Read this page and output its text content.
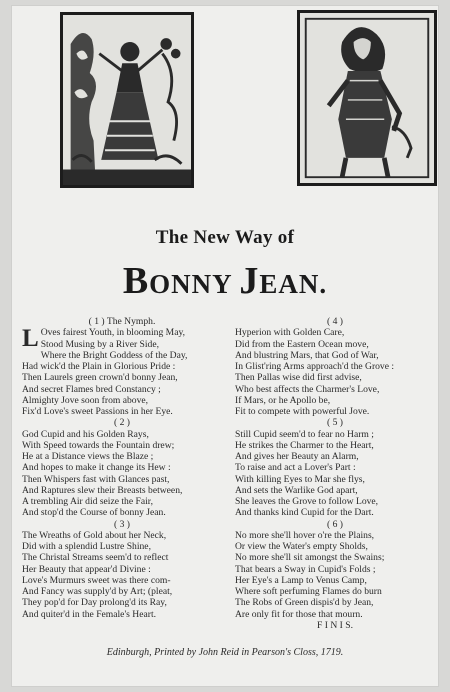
The New Way of
BONNY JEAN.
( 1 ) The Nymph.
L Oves fairest Youth, in blooming May,
Stood Musing by a River Side,
Where the Bright Goddess of the Day,
Had wick'd the Plain in Glorious Pride :
Then Laurels green crown'd bonny Jean,
And secret Flames bred Constancy ;
Almighty Jove soon from above,
Fix'd Love's sweet Passions in her Eye.
( 2 )
God Cupid and his Golden Rays,
With Speed towards the Fountain drew;
He at a Distance views the Blaze ;
And hopes to make it change its Hew :
Then Whispers fast with Glances past,
And Raptures slew their Breasts between,
A trembling Air did seize the Fair,
And stop'd the Course of bonny Jean.
( 3 )
The Wreaths of Gold about her Neck,
Did with a splendid Lustre Shine,
The Christal Streams seem'd to reflect
Her Beauty that appear'd Divine :
Love's Murmurs sweet was there com-
And Fancy was supply'd by Art; (pleat,
They pop'd for Day prolong'd its Ray,
And quiter'd in the Female's Heart.
( 4 )
Hyperion with Golden Care,
Did from the Eastern Ocean move,
And blustring Mars, that God of War,
In Glist'ring Arms approach'd the Grove :
Then Pallas wise did first advise,
Who best affects the Charmer's Love,
If Mars, or he Apollo be,
Fit to compete with powerful Jove.
( 5 )
Still Cupid seem'd to fear no Harm ;
He strikes the Charmer to the Heart,
And gives her Beauty an Alarm,
To raise and act a Lover's Part :
With killing Eyes to Mar she flys,
And sets the Warlike God apart,
She leaves the Grove to follow Love,
And thanks kind Cupid for the Dart.
( 6 )
No more she'll hover o're the Plains,
Or view the Water's empty Sholds,
No more she'll sit amongst the Swains;
That bears a Sway in Cupid's Folds ;
Her Eye's a Lamp to Venus Camp,
Where soft perfuming Flames do burn
The Robs of Green dispis'd by Jean,
Are only fit for those that mourn.
F I N I S.
Edinburgh, Printed by John Reid in Pearson's Closs, 1719.
